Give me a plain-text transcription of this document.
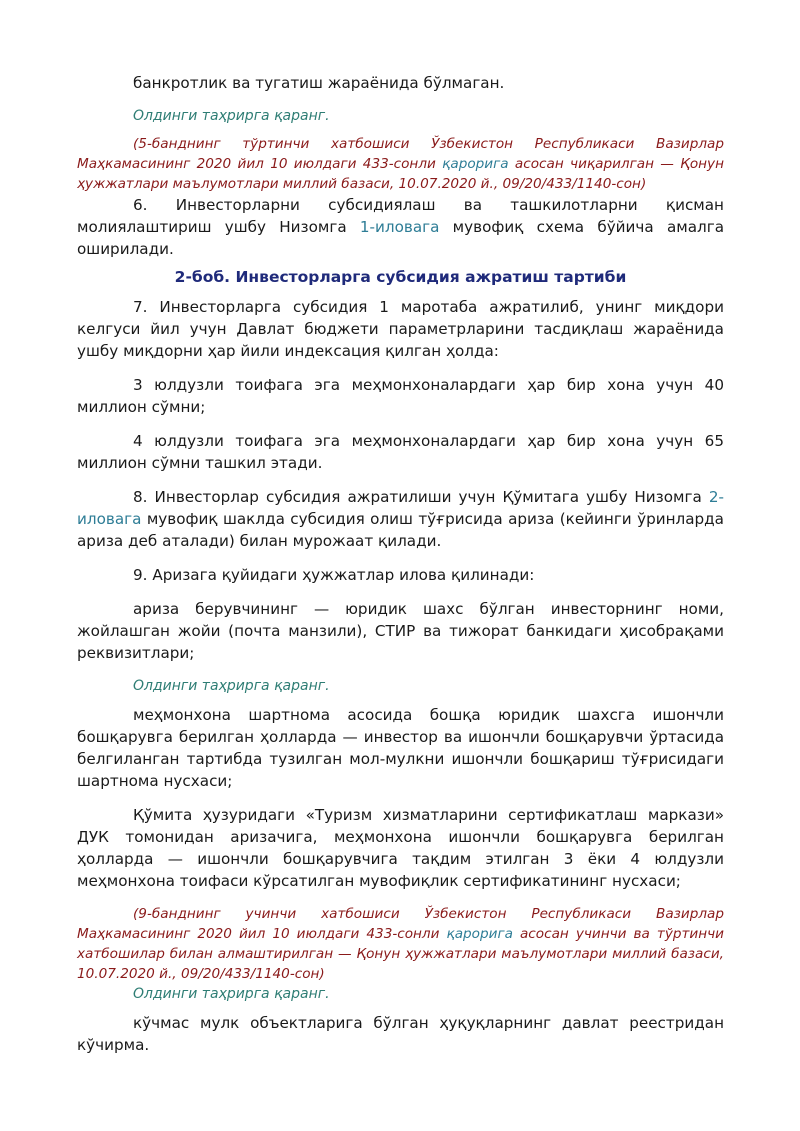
банкротлик ва тугатиш жараёнида бўлмаган.

Олдинги таҳрирга қаранг.

(5-банднинг тўртинчи хатбошиси Ўзбекистон Республикаси Вазирлар Маҳкамасининг 2020 йил 10 июлдаги 433-сонли қарорига асосан чиқарилган — Қонун ҳужжатлари маълумотлари миллий базаси, 10.07.2020 й., 09/20/433/1140-сон)

6. Инвесторларни субсидиялаш ва ташкилотларни қисман молиялаштириш ушбу Низомга 1-иловага мувофиқ схема бўйича амалга оширилади.

2-боб. Инвесторларга субсидия ажратиш тартиби

7. Инвесторларга субсидия 1 маротаба ажратилиб, унинг миқдори келгуси йил учун Давлат бюджети параметрларини тасдиқлаш жараёнида ушбу миқдорни ҳар йили индексация қилган ҳолда:

3 юлдузли тоифага эга меҳмонхоналардаги ҳар бир хона учун 40 миллион сўмни;

4 юлдузли тоифага эга меҳмонхоналардаги ҳар бир хона учун 65 миллион сўмни ташкил этади.

8. Инвесторлар субсидия ажратилиши учун Қўмитага ушбу Низомга 2-иловага мувофиқ шаклда субсидия олиш тўғрисида ариза (кейинги ўринларда ариза деб аталади) билан мурожаат қилади.

9. Аризага қуйидаги ҳужжатлар илова қилинади:

ариза берувчининг — юридик шахс бўлган инвесторнинг номи, жойлашган жойи (почта манзили), СТИР ва тижорат банкидаги ҳисобрақами реквизитлари;

Олдинги таҳрирга қаранг.

меҳмонхона шартнома асосида бошқа юридик шахсга ишончли бошқарувга берилган ҳолларда — инвестор ва ишончли бошқарувчи ўртасида белгиланган тартибда тузилган мол-мулкни ишончли бошқариш тўғрисидаги шартнома нусхаси;

Қўмита ҳузуридаги «Туризм хизматларини сертификатлаш маркази» ДУК томонидан аризачига, меҳмонхона ишончли бошқарувга берилган ҳолларда — ишончли бошқарувчига тақдим этилган 3 ёки 4 юлдузли меҳмонхона тоифаси кўрсатилган мувофиқлик сертификатининг нусхаси;

(9-банднинг учинчи хатбошиси Ўзбекистон Республикаси Вазирлар Маҳкамасининг 2020 йил 10 июлдаги 433-сонли қарорига асосан учинчи ва тўртинчи хатбошилар билан алмаштирилган — Қонун ҳужжатлари маълумотлари миллий базаси, 10.07.2020 й., 09/20/433/1140-сон)

Олдинги таҳрирга қаранг.

кўчмас мулк объектларига бўлган ҳуқуқларнинг давлат реестридан кўчирма.
